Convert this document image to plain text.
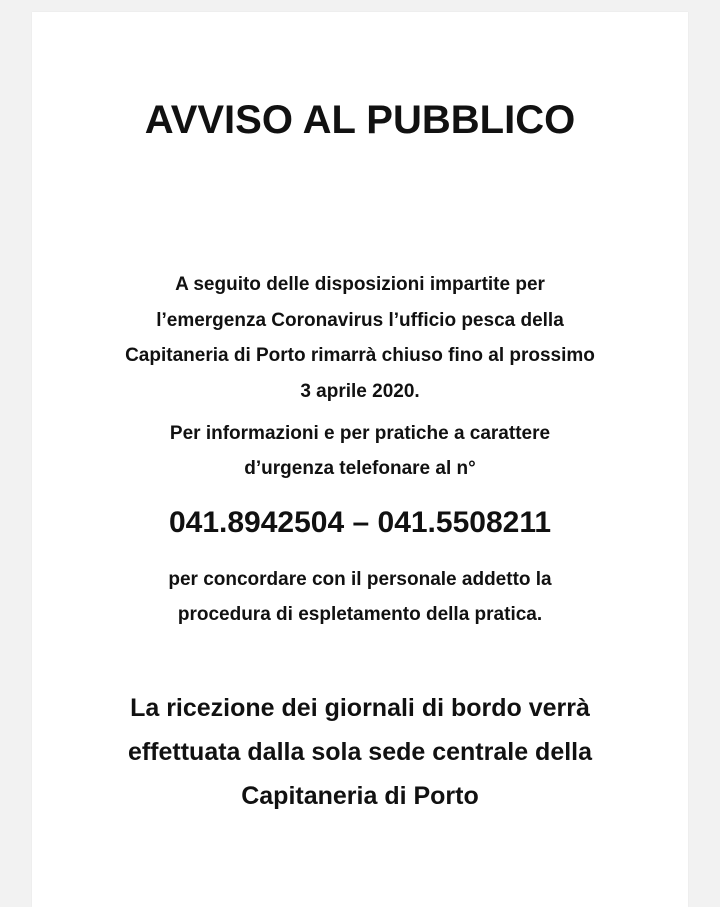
AVVISO AL PUBBLICO
A seguito delle disposizioni impartite per
l’emergenza Coronavirus l’ufficio pesca della
Capitaneria di Porto rimarrà chiuso fino al prossimo
3 aprile 2020.
Per informazioni e per pratiche a carattere
d’urgenza telefonare al n°
041.8942504 – 041.5508211
per concordare con il personale addetto la
procedura di espletamento della pratica.
La ricezione dei giornali di bordo verrà
effettuata dalla sola sede centrale della
Capitaneria di Porto
